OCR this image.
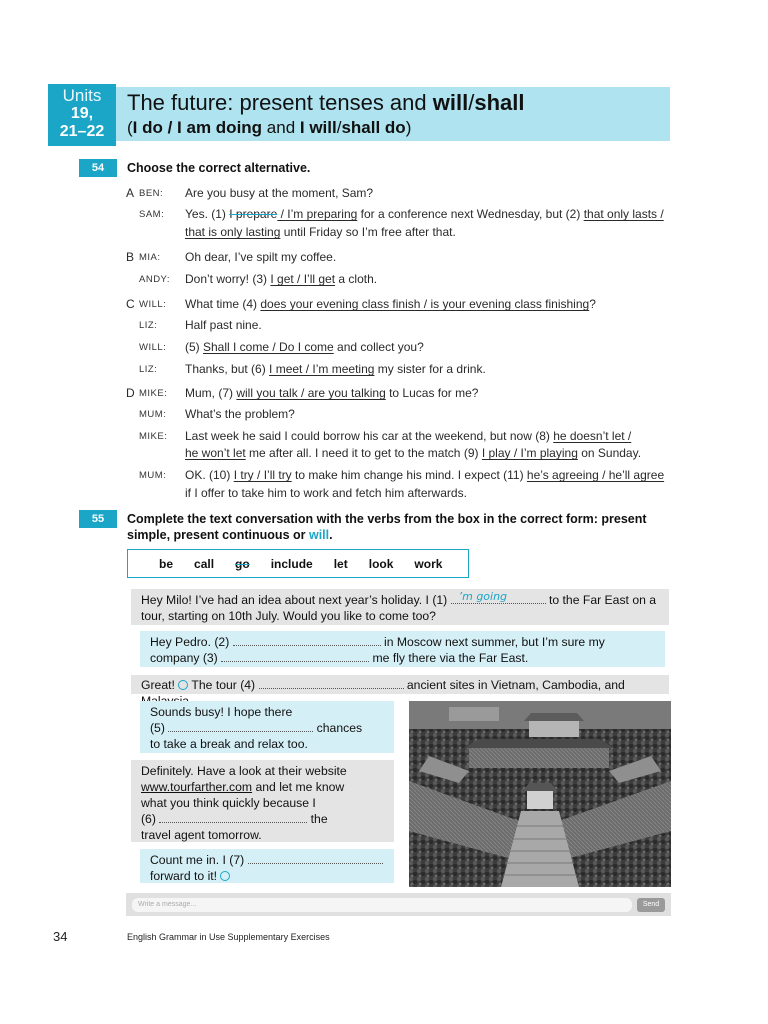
Units
19,
21–22
The future: present tenses and will/shall
(I do / I am doing and I will/shall do)
54	Choose the correct alternative.
A BEN: Are you busy at the moment, Sam?
SAM: Yes. (1) I prepare / I’m preparing for a conference next Wednesday, but (2) that only lasts /
that is only lasting until Friday so I’m free after that.
B MIA: Oh dear, I’ve spilt my coffee.
ANDY: Don’t worry! (3) I get / I’ll get a cloth.
C WILL: What time (4) does your evening class finish / is your evening class finishing?
LIZ: Half past nine.
WILL: (5) Shall I come / Do I come and collect you?
LIZ: Thanks, but (6) I meet / I’m meeting my sister for a drink.
D MIKE: Mum, (7) will you talk / are you talking to Lucas for me?
MUM: What’s the problem?
MIKE: Last week he said I could borrow his car at the weekend, but now (8) he doesn’t let /
he won’t let me after all. I need it to get to the match (9) I play / I’m playing on Sunday.
MUM: OK. (10) I try / I’ll try to make him change his mind. I expect (11) he’s agreeing / he’ll agree
if I offer to take him to work and fetch him afterwards.
55	Complete the text conversation with the verbs from the box in the correct form: present
simple, present continuous or will.
be call go include let look work
Hey Milo! I’ve had an idea about next year’s holiday. I (1) ’m going	to the Far East on a
tour, starting on 10th July. Would you like to come too?
Hey Pedro. (2)	in Moscow next summer, but I’m sure my
company (3)	me fly there via the Far East.
Great!  The tour (4)	ancient sites in Vietnam, Cambodia, and
Sounds busy! I hope there
(5)	chances
to take a break and relax too.
Definitely. Have a look at their website
www.tourfarther.com and let me know
what you think quickly because I
(6)	the
travel agent tomorrow.
Count me in. I (7)
forward to it!
Write a message...	Send
34	English Grammar in Use Supplementary Exercises
